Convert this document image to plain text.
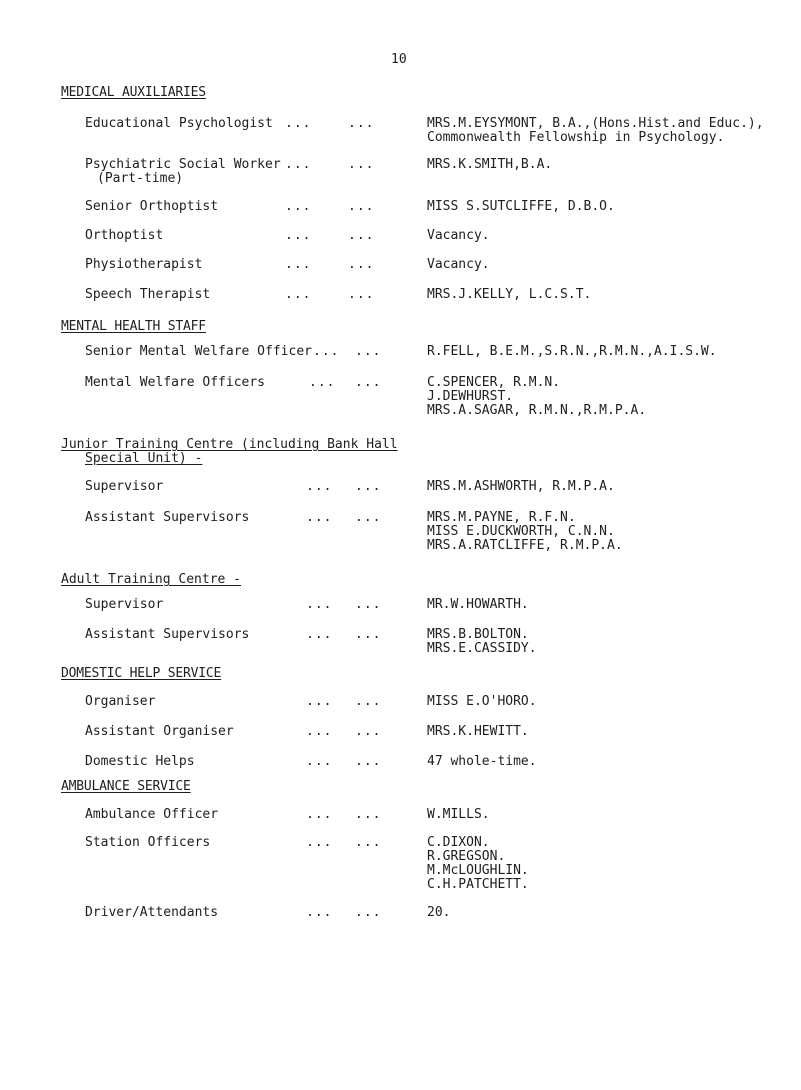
10
MEDICAL AUXILIARIES
Educational Psychologist ...	...	MRS.M.EYSYMONT, B.A.,(Hons.Hist.and Educ.),
Commonwealth Fellowship in Psychology.
Psychiatric Social Worker
(Part-time)
...	...	MRS.K.SMITH,B.A.
Senior Orthoptist	...	...	MISS S.SUTCLIFFE, D.B.O.
Orthoptist	...	...	Vacancy.
Physiotherapist	...	...	Vacancy.
Speech Therapist	...	...	MRS.J.KELLY, L.C.S.T.
MENTAL HEALTH STAFF
Senior Mental Welfare Officer ... ...	R.FELL, B.E.M.,S.R.N.,R.M.N.,A.I.S.W.
Mental Welfare Officers	... ...	C.SPENCER, R.M.N.
J.DEWHURST.
MRS.A.SAGAR, R.M.N.,R.M.P.A.
Junior Training Centre (including Bank Hall
Special Unit) -
Supervisor	... ...	MRS.M.ASHWORTH, R.M.P.A.
Assistant Supervisors	... ...	MRS.M.PAYNE, R.F.N.
MISS E.DUCKWORTH, C.N.N.
MRS.A.RATCLIFFE, R.M.P.A.
Adult Training Centre -
Supervisor	... ...	MR.W.HOWARTH.
Assistant Supervisors	... ...	MRS.B.BOLTON.
MRS.E.CASSIDY.
DOMESTIC HELP SERVICE
Organiser	... ...	MISS E.O'HORO.
Assistant Organiser	... ...	MRS.K.HEWITT.
Domestic Helps	... ...	47 whole-time.
AMBULANCE SERVICE
Ambulance Officer	... ...	W.MILLS.
Station Officers	... ...	C.DIXON.
R.GREGSON.
M.McLOUGHLIN.
C.H.PATCHETT.
Driver/Attendants	... ...	20.
